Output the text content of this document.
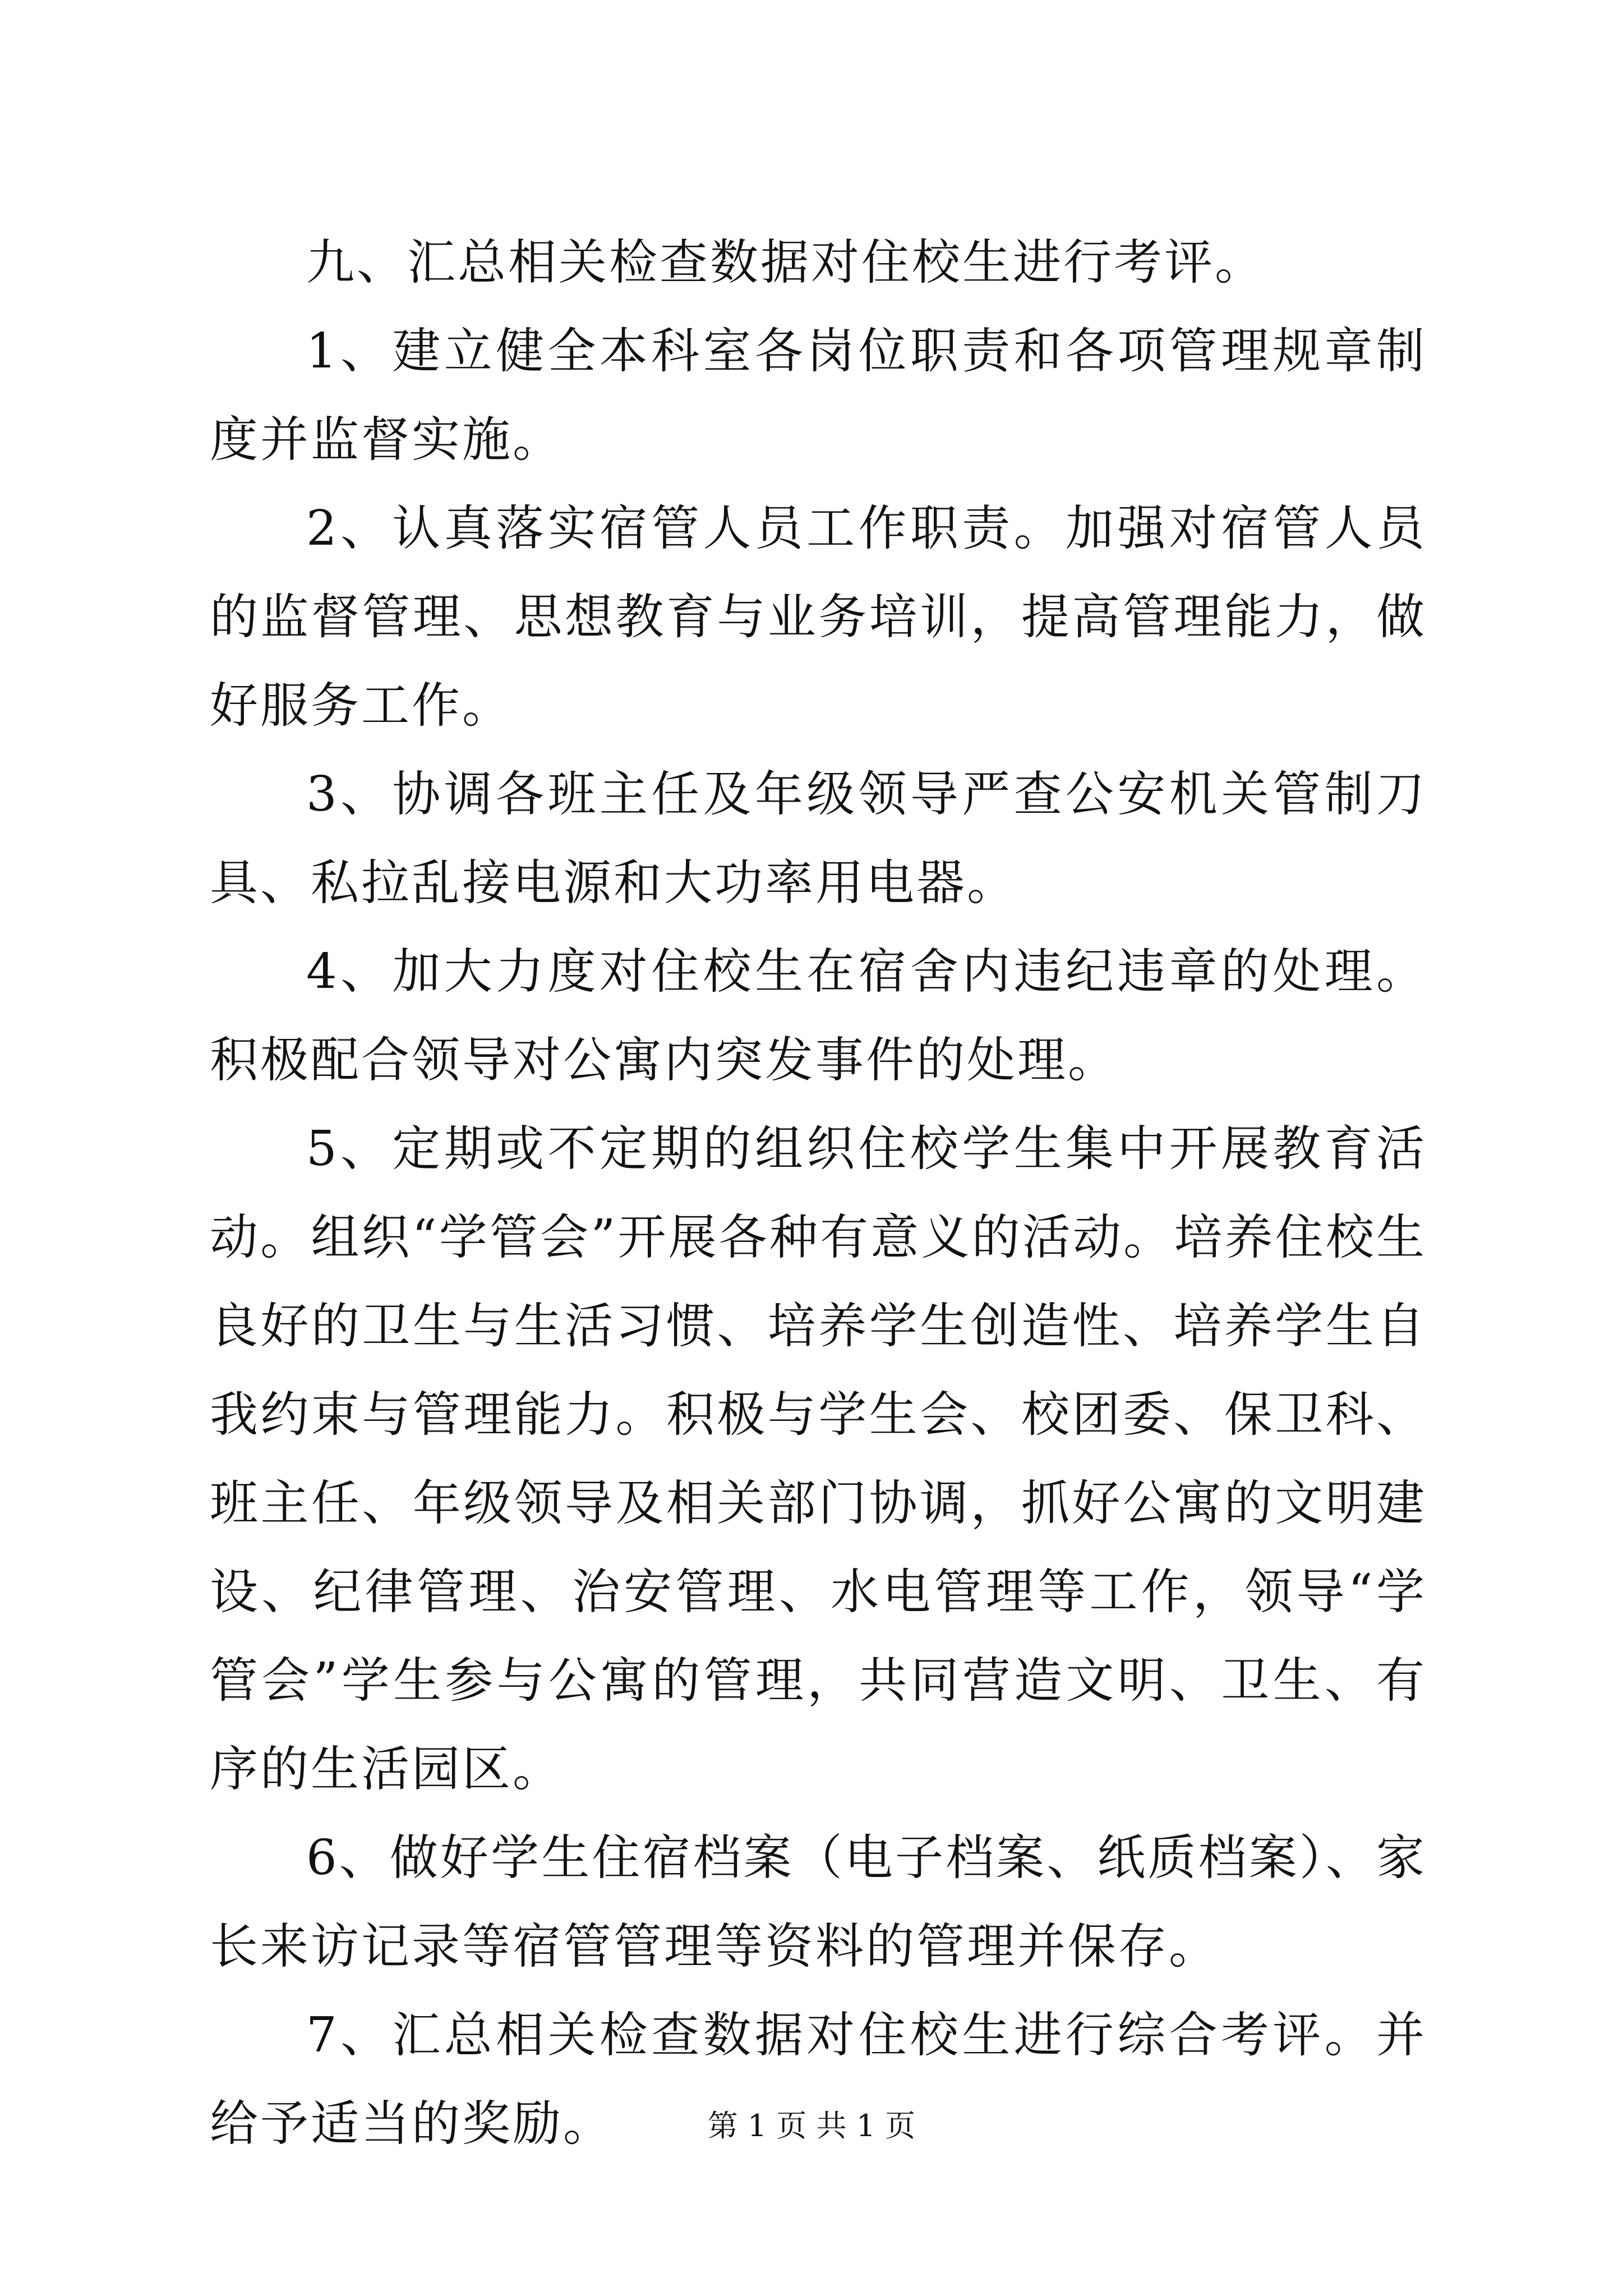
九、汇总相关检查数据对住校生进行考评。

1、建立健全本科室各岗位职责和各项管理规章制度并监督实施。

2、认真落实宿管人员工作职责。加强对宿管人员的监督管理、思想教育与业务培训，提高管理能力，做好服务工作。

3、协调各班主任及年级领导严查公安机关管制刀具、私拉乱接电源和大功率用电器。

4、加大力度对住校生在宿舍内违纪违章的处理。积极配合领导对公寓内突发事件的处理。

5、定期或不定期的组织住校学生集中开展教育活动。组织“学管会”开展各种有意义的活动。培养住校生良好的卫生与生活习惯、培养学生创造性、培养学生自我约束与管理能力。积极与学生会、校团委、保卫科、班主任、年级领导及相关部门协调，抓好公寓的文明建设、纪律管理、治安管理、水电管理等工作，领导“学管会”学生参与公寓的管理，共同营造文明、卫生、有序的生活园区。

6、做好学生住宿档案（电子档案、纸质档案）、家长来访记录等宿管管理等资料的管理并保存。

7、汇总相关检查数据对住校生进行综合考评。并给予适当的奖励。	第 1 页 共 1 页
